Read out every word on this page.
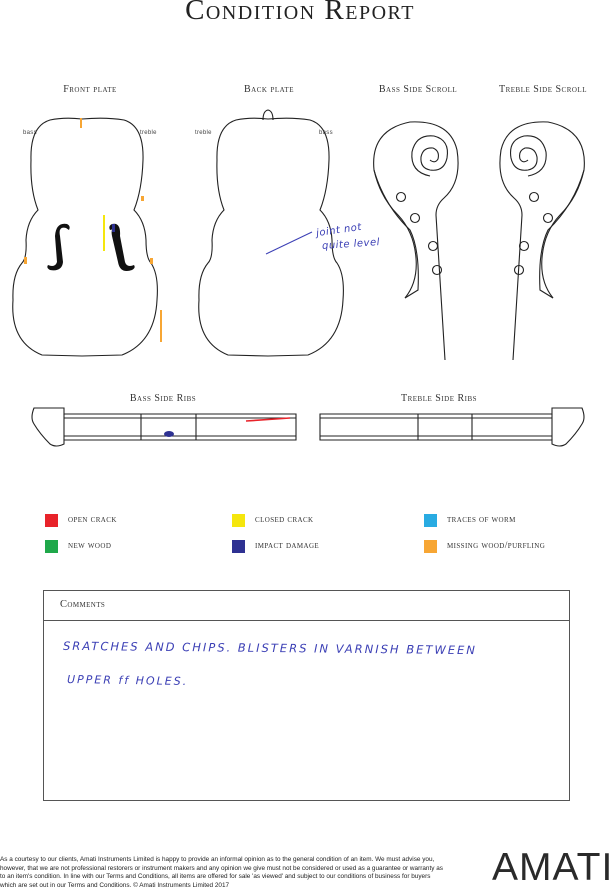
Condition Report
Front plate	Back plate	Bass Side Scroll	Treble Side Scroll
bass	treble	treble	bass
joint not
quite level
Bass Side Ribs	Treble Side Ribs
open crack	closed crack	traces of worm
new wood	impact damage	missing wood/purfling
Comments
SRATCHES AND CHIPS. BLISTERS IN VARNISH BETWEEN
UPPER ff HOLES.
As a courtesy to our clients, Amati Instruments Limited is happy to provide an informal opinion as to the general condition of an item. We must advise you, however, that we are not professional restorers or instrument makers and any opinion we give must not be considered or used as a guarantee or warranty as to an item's condition. In line with our Terms and Conditions, all items are offered for sale 'as viewed' and subject to our conditions of business for buyers which are set out in our Terms and Conditions. © Amati Instruments Limited 2017	AMATI
